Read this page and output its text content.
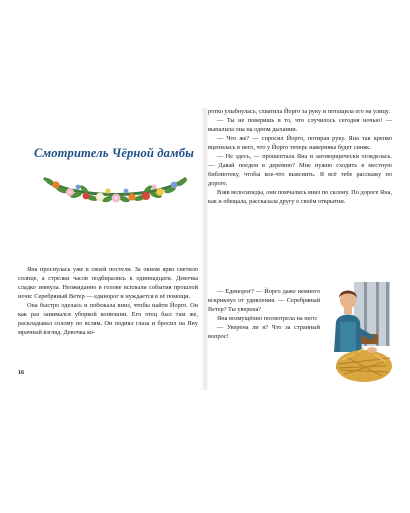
Смотритель Чёрной дамбы

Яна проснулась уже в своей постели. За окном ярко светило солнце, а стрелки часов подбирались к одиннадцати. Девочка сладко зевнула. Неожиданно в голове всплыли события прошлой ночи: Серебряный Ветер — единорог и нуждается в её помощи.

Она быстро оделась и побежала вниз, чтобы найти Йорго. Он как раз занимался уборкой конюшни. Его отец был там же, раскладывал солому по яслям. Он поднял глаза и бросил на Яну мрачный взгляд. Девочка ко-

16

ротко улыбнулась, схватила Йорго за руку и потащила его на улицу.

— Ты не поверишь в то, что случилось сегодня ночью! — выпалила она на одном дыхании.

— Что же? — спросил Йорго, потирая руку. Яна так крепко вцепилась в него, что у Йорго теперь наверняка будет синяк.

— Не здесь, — прошептала Яна и заговорщически огляделась. — Давай поедем в деревню? Мне нужно сходить в местную библиотеку, чтобы кое-что выяснить. Я всё тебе расскажу по дороге.

Взяв велосипеды, они помчались вниз по склону. По дороге Яна, как и обещала, рассказала другу о своём открытии.

— Единорог? — Йорго даже немного вскрикнул от удивления. — Серебряный Ветер? Ты уверена?

Яна возмущённо посмотрела на него:

— Уверена ли я? Что за странный вопрос!
